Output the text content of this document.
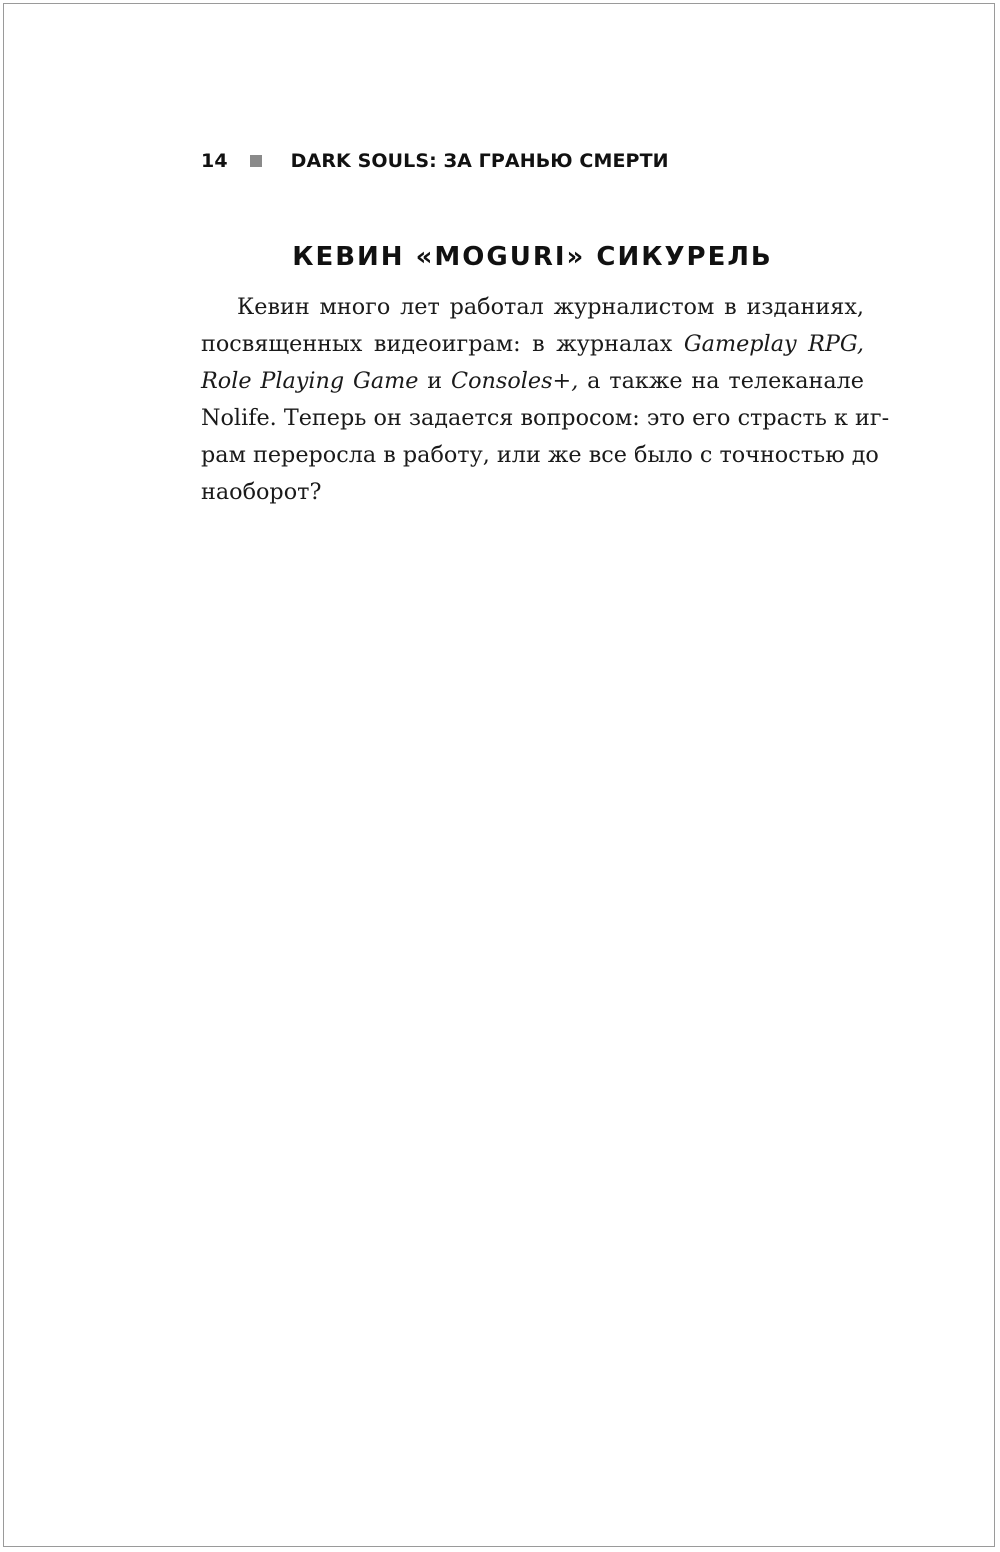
14	DARK SOULS: ЗА ГРАНЬЮ СМЕРТИ
КЕВИН «MOGURI» СИКУРЕЛЬ
Кевин много лет работал журналистом в изданиях,
посвященных видеоиграм: в журналах Gameplay RPG,
Role Playing Game и Consoles+, а также на телеканале
Nolife. Теперь он задается вопросом: это его страсть к иг-
рам переросла в работу, или же все было с точностью до
наоборот?
